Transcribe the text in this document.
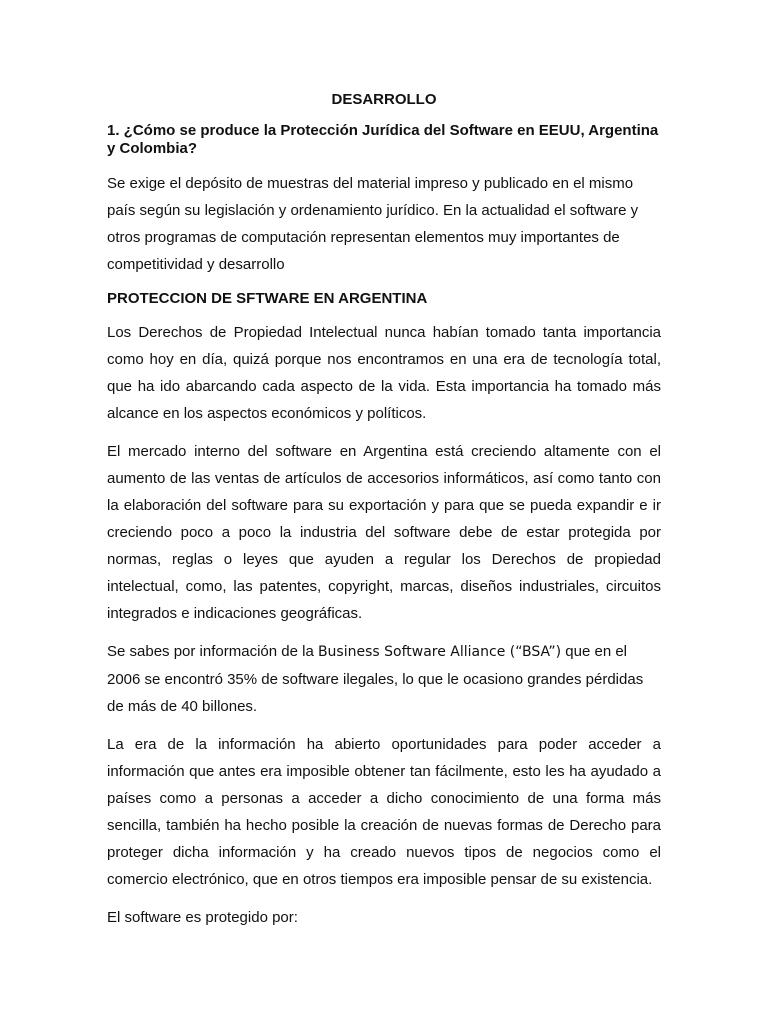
DESARROLLO
1. ¿Cómo se produce la Protección Jurídica del Software en EEUU, Argentina y Colombia?

Se exige el depósito de muestras del material impreso y publicado en el mismo país según su legislación y ordenamiento jurídico. En la actualidad el software y otros programas de computación representan elementos muy importantes de competitividad y desarrollo

PROTECCION DE SFTWARE EN ARGENTINA

Los Derechos de Propiedad Intelectual nunca habían tomado tanta importancia como hoy en día, quizá porque nos encontramos en una era de tecnología total, que ha ido abarcando cada aspecto de la vida. Esta importancia ha tomado más alcance en los aspectos económicos y políticos.

El mercado interno del software en Argentina está creciendo altamente con el aumento de las ventas de artículos de accesorios informáticos, así como tanto con la elaboración del software para su exportación y para que se pueda expandir e ir creciendo poco a poco la industria del software debe de estar protegida por normas, reglas o leyes que ayuden a regular los Derechos de propiedad intelectual, como, las patentes, copyright, marcas, diseños industriales, circuitos integrados e indicaciones geográficas.

Se sabes por información de la Business Software Alliance (“BSA”) que en el 2006 se encontró 35% de software ilegales, lo que le ocasiono grandes pérdidas de más de 40 billones.

La era de la información ha abierto oportunidades para poder acceder a información que antes era imposible obtener tan fácilmente, esto les ha ayudado a países como a personas a acceder a dicho conocimiento de una forma más sencilla, también ha hecho posible la creación de nuevas formas de Derecho para proteger dicha información y ha creado nuevos tipos de negocios como el comercio electrónico, que en otros tiempos era imposible pensar de su existencia.

El software es protegido por:
